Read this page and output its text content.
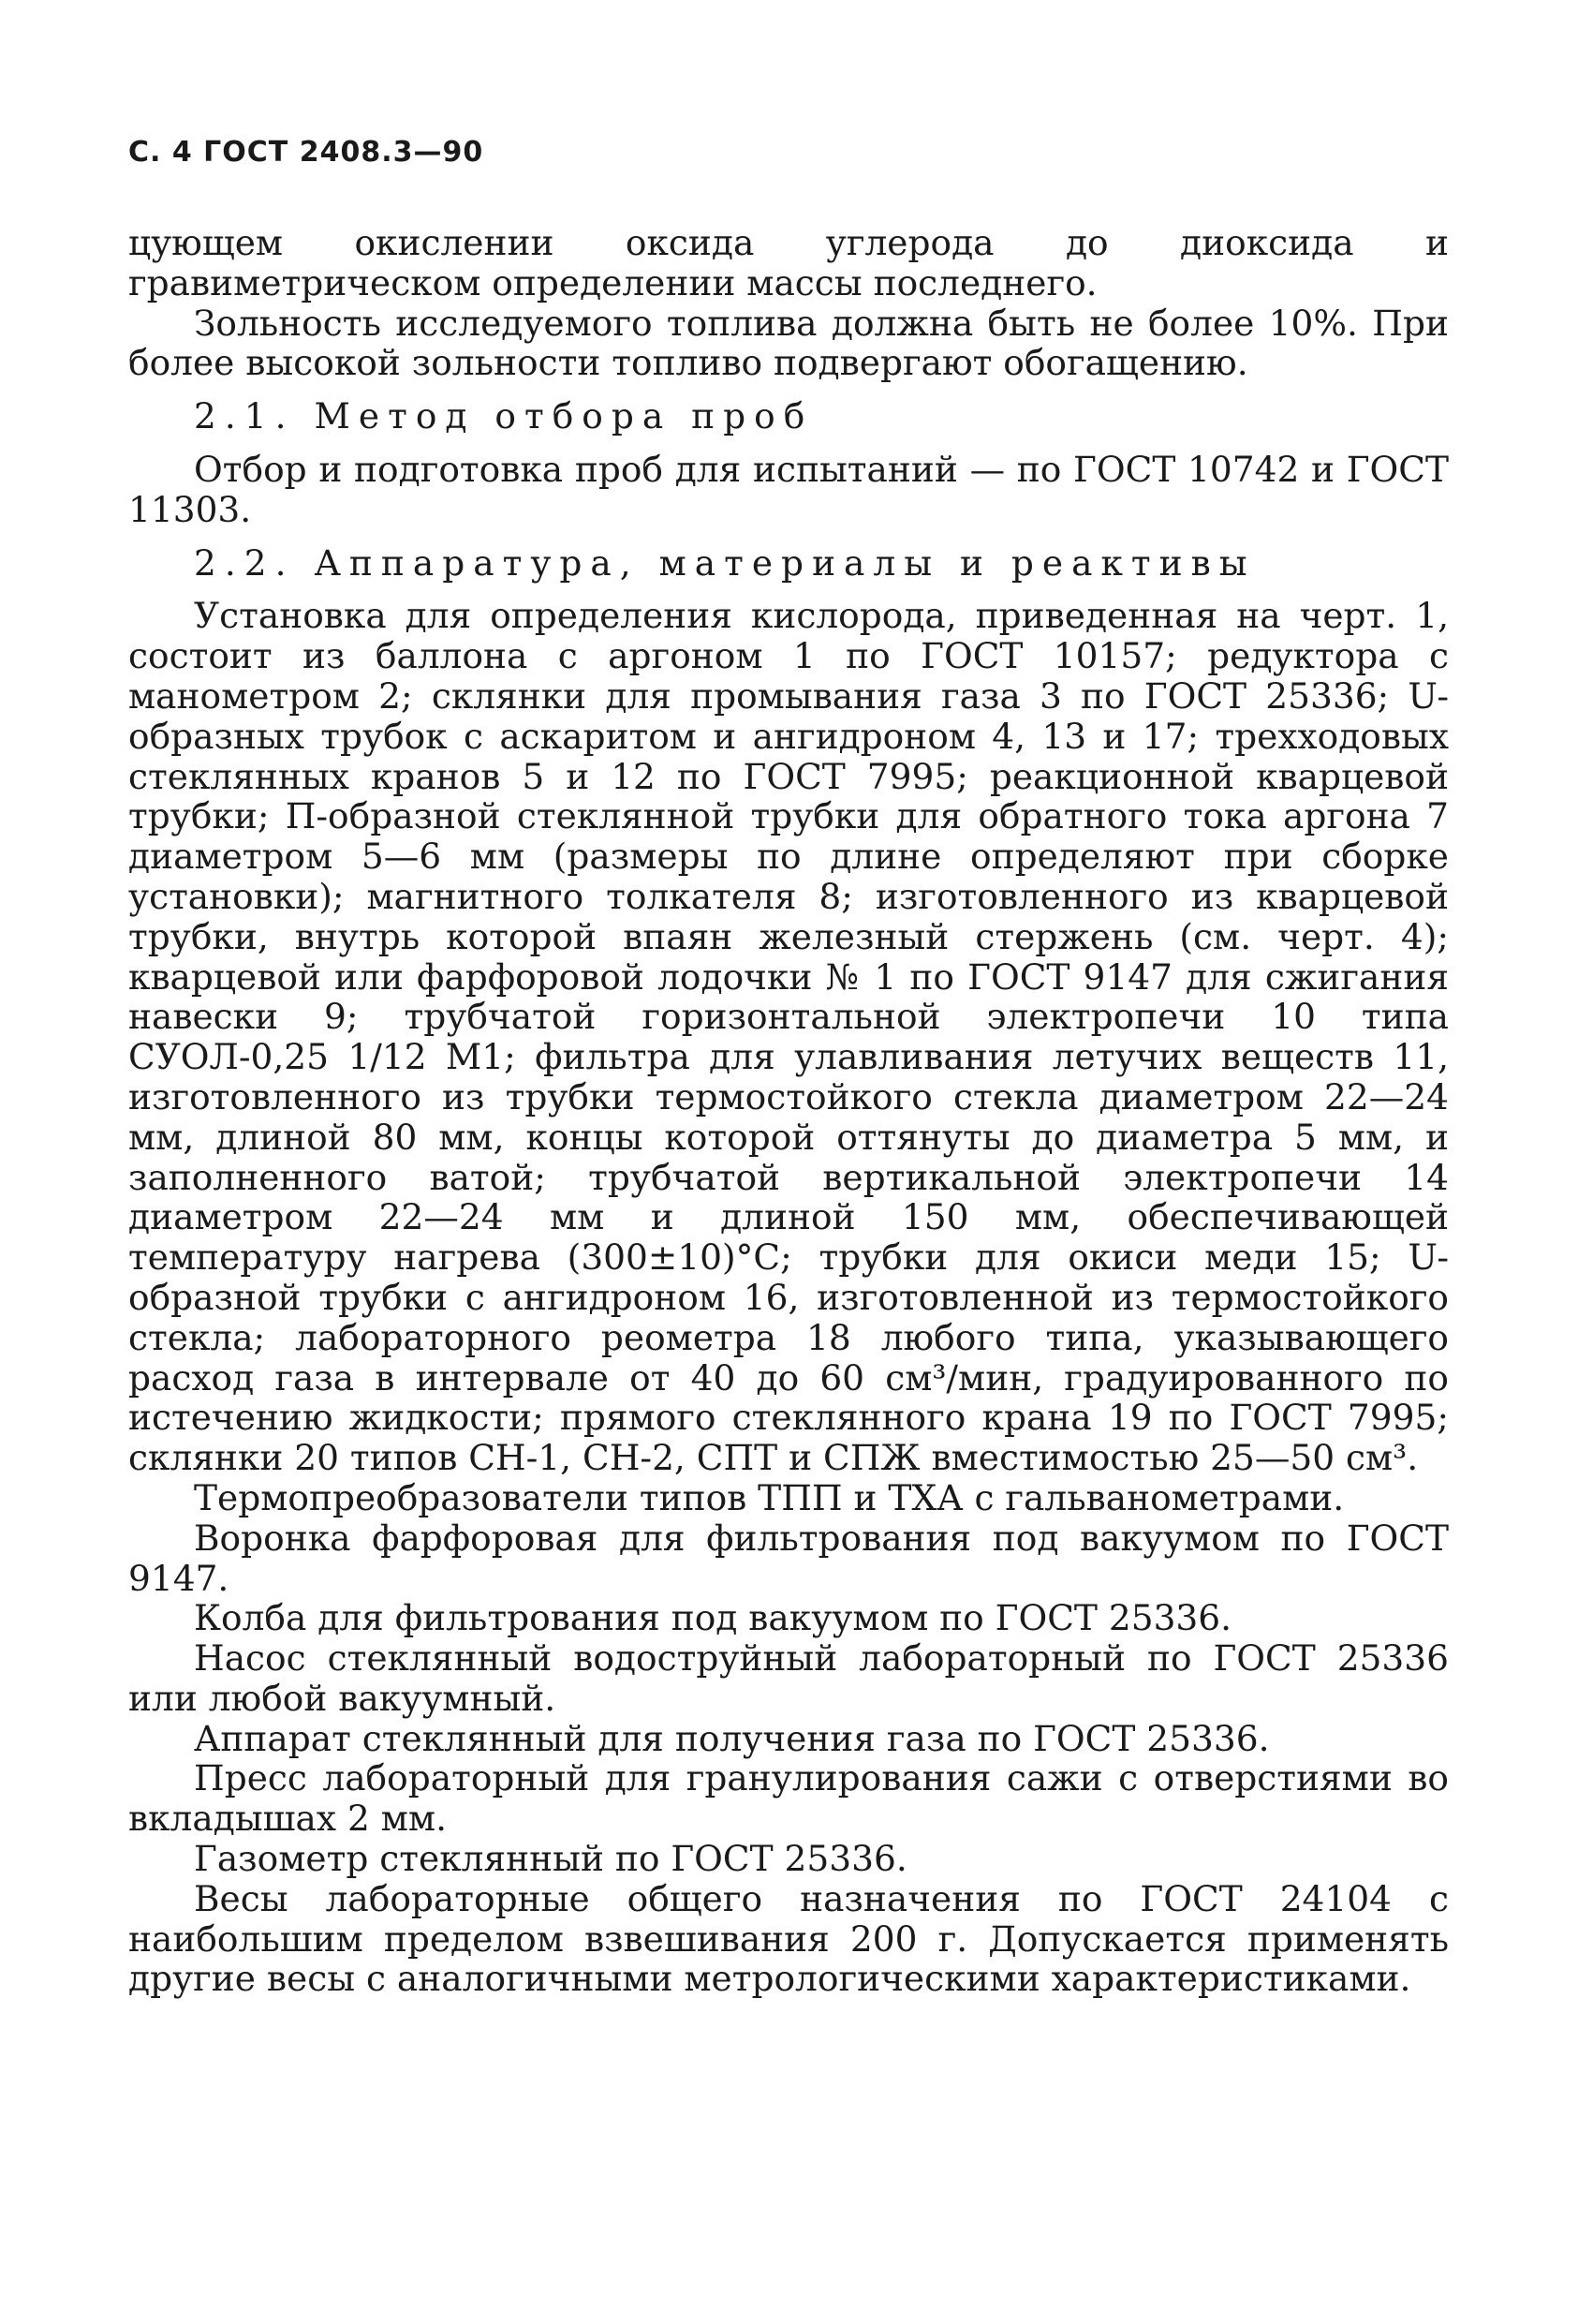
С. 4 ГОСТ 2408.3—90

цующем окислении оксида углерода до диоксида и гравиметрическом определении массы последнего.

Зольность исследуемого топлива должна быть не более 10%. При более высокой зольности топливо подвергают обогащению.

2.1. Метод отбора проб

Отбор и подготовка проб для испытаний — по ГОСТ 10742 и ГОСТ 11303.

2.2. Аппаратура, материалы и реактивы

Установка для определения кислорода, приведенная на черт. 1, состоит из баллона с аргоном 1 по ГОСТ 10157; редуктора с манометром 2; склянки для промывания газа 3 по ГОСТ 25336; U-образных трубок с аскаритом и ангидроном 4, 13 и 17; трехходовых стеклянных кранов 5 и 12 по ГОСТ 7995; реакционной кварцевой трубки; П-образной стеклянной трубки для обратного тока аргона 7 диаметром 5—6 мм (размеры по длине определяют при сборке установки); магнитного толкателя 8; изготовленного из кварцевой трубки, внутрь которой впаян железный стержень (см. черт. 4); кварцевой или фарфоровой лодочки № 1 по ГОСТ 9147 для сжигания навески 9; трубчатой горизонтальной электропечи 10 типа СУОЛ-0,25 1/12 М1; фильтра для улавливания летучих веществ 11, изготовленного из трубки термостойкого стекла диаметром 22—24 мм, длиной 80 мм, концы которой оттянуты до диаметра 5 мм, и заполненного ватой; трубчатой вертикальной электропечи 14 диаметром 22—24 мм и длиной 150 мм, обеспечивающей температуру нагрева (300±10)°С; трубки для окиси меди 15; U-образной трубки с ангидроном 16, изготовленной из термостойкого стекла; лабораторного реометра 18 любого типа, указывающего расход газа в интервале от 40 до 60 см³/мин, градуированного по истечению жидкости; прямого стеклянного крана 19 по ГОСТ 7995; склянки 20 типов СН-1, СН-2, СПТ и СПЖ вместимостью 25—50 см³.

Термопреобразователи типов ТПП и ТХА с гальванометрами.

Воронка фарфоровая для фильтрования под вакуумом по ГОСТ 9147.

Колба для фильтрования под вакуумом по ГОСТ 25336.

Насос стеклянный водоструйный лабораторный по ГОСТ 25336 или любой вакуумный.

Аппарат стеклянный для получения газа по ГОСТ 25336.

Пресс лабораторный для гранулирования сажи с отверстиями во вкладышах 2 мм.

Газометр стеклянный по ГОСТ 25336.

Весы лабораторные общего назначения по ГОСТ 24104 с наибольшим пределом взвешивания 200 г. Допускается применять другие весы с аналогичными метрологическими характеристиками.
